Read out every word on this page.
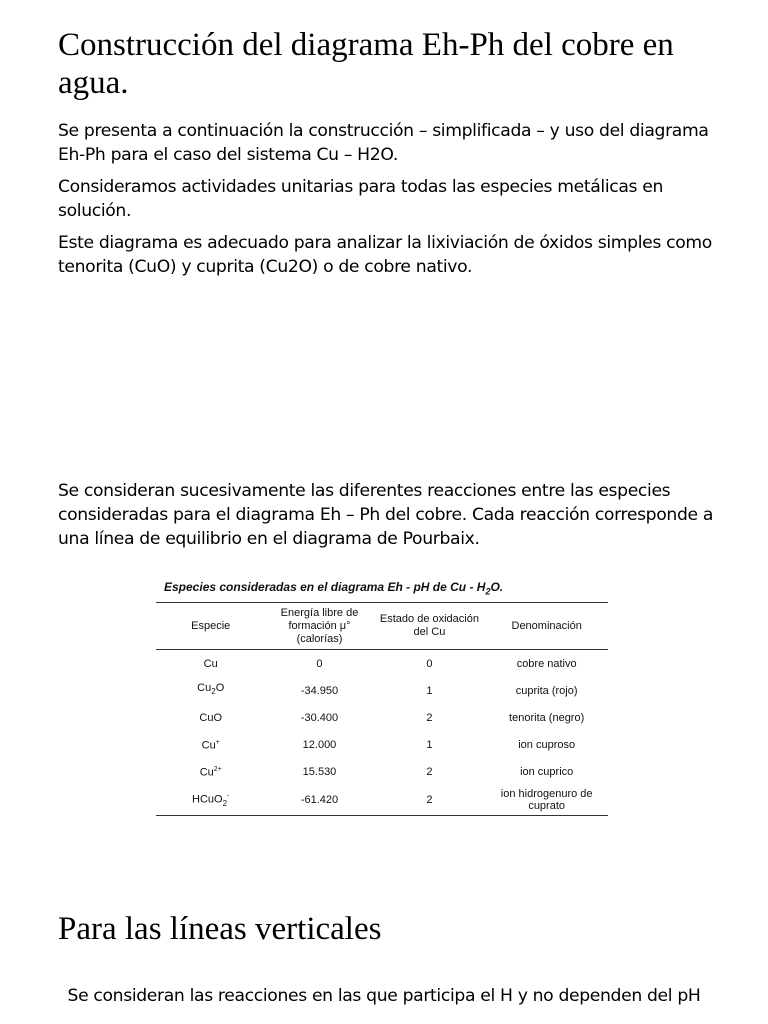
Construcción del diagrama Eh-Ph del cobre en agua.

Se presenta a continuación la construcción – simplificada – y uso del diagrama Eh-Ph para el caso del sistema Cu – H2O.

Consideramos actividades unitarias para todas las especies metálicas en solución.

Este diagrama es adecuado para analizar la lixiviación de óxidos simples como tenorita (CuO) y cuprita (Cu2O) o de cobre nativo.

Se consideran sucesivamente las diferentes reacciones entre las especies consideradas para el diagrama Eh – Ph del cobre. Cada reacción corresponde a una línea de equilibrio en el diagrama de Pourbaix.

Especies consideradas en el diagrama Eh - pH de Cu - $H_2O$.
Especie	Energía libre de formación μ° (calorías)	Estado de oxidación del Cu	Denominación
Cu	0	0	cobre nativo
$Cu_2O$	-34.950	1	cuprita (rojo)
CuO	-30.400	2	tenorita (negro)
Cu+	12.000	1	ion cuproso
$Cu^{2+}$	15.530	2	ion cuprico
HCuO$_2$-	-61.420	2	ion hidrogenuro de cuprato
Para las líneas verticales

Se consideran las reacciones en las que participa el H y no dependen del pH
